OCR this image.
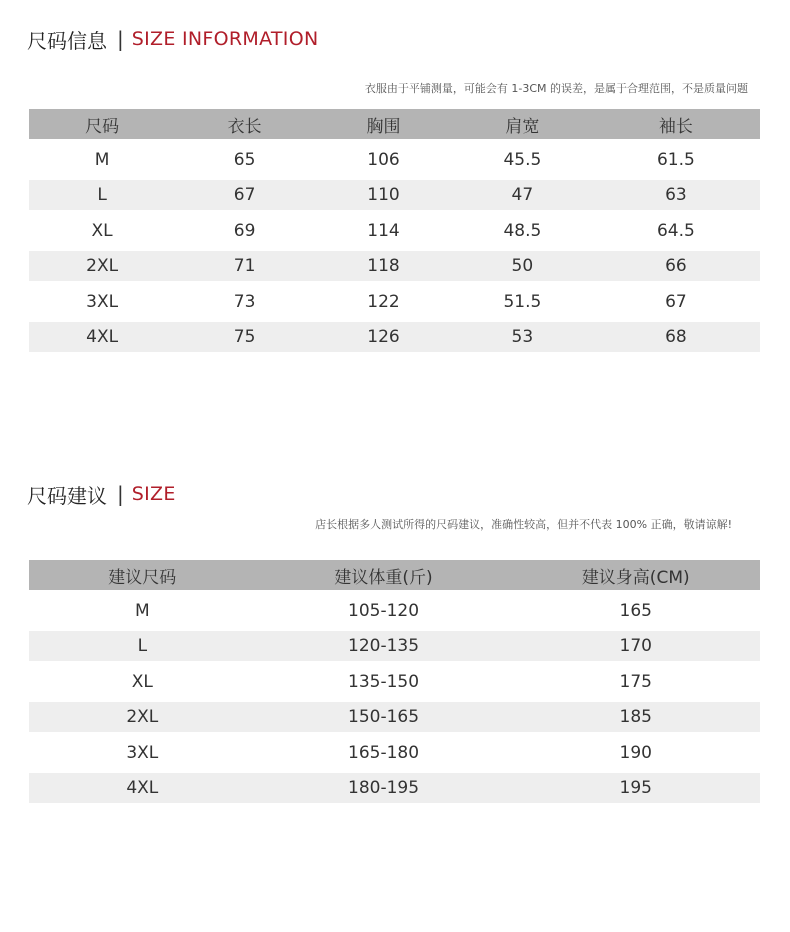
尺码信息 | SIZE INFORMATION
衣服由于平铺测量，可能会有 1-3CM 的误差，是属于合理范围，不是质量问题
尺码	衣长	胸围	肩宽	袖长
M	65	106	45.5	61.5
L	67	110	47	63
XL	69	114	48.5	64.5
2XL	71	118	50	66
3XL	73	122	51.5	67
4XL	75	126	53	68
尺码建议 | SIZE
店长根据多人测试所得的尺码建议，准确性较高，但并不代表 100% 正确，敬请谅解!
建议尺码	建议体重(斤)	建议身高(CM)
M	105-120	165
L	120-135	170
XL	135-150	175
2XL	150-165	185
3XL	165-180	190
4XL	180-195	195
